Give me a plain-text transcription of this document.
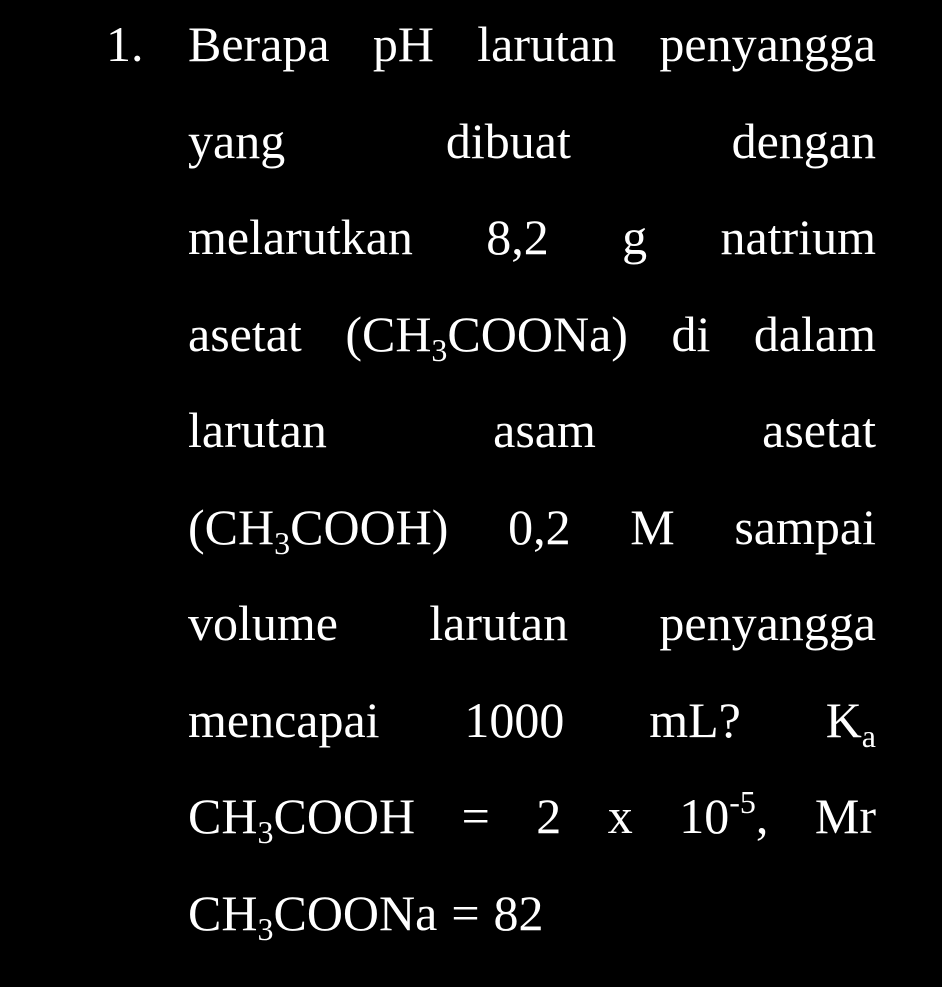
1. Berapa pH larutan penyangga
yang	dibuat	dengan
melarutkan 8,2 g natrium
asetat $(CH_3COONa)$ di dalam
larutan	asam	asetat
$(CH_3COOH)$ 0,2 M sampai
volume larutan penyangga
mencapai 1000 mL? $K_a$
$CH_3COOH = 2$ x $10^{-5}$, Mr
$CH_3COONa = 82$
